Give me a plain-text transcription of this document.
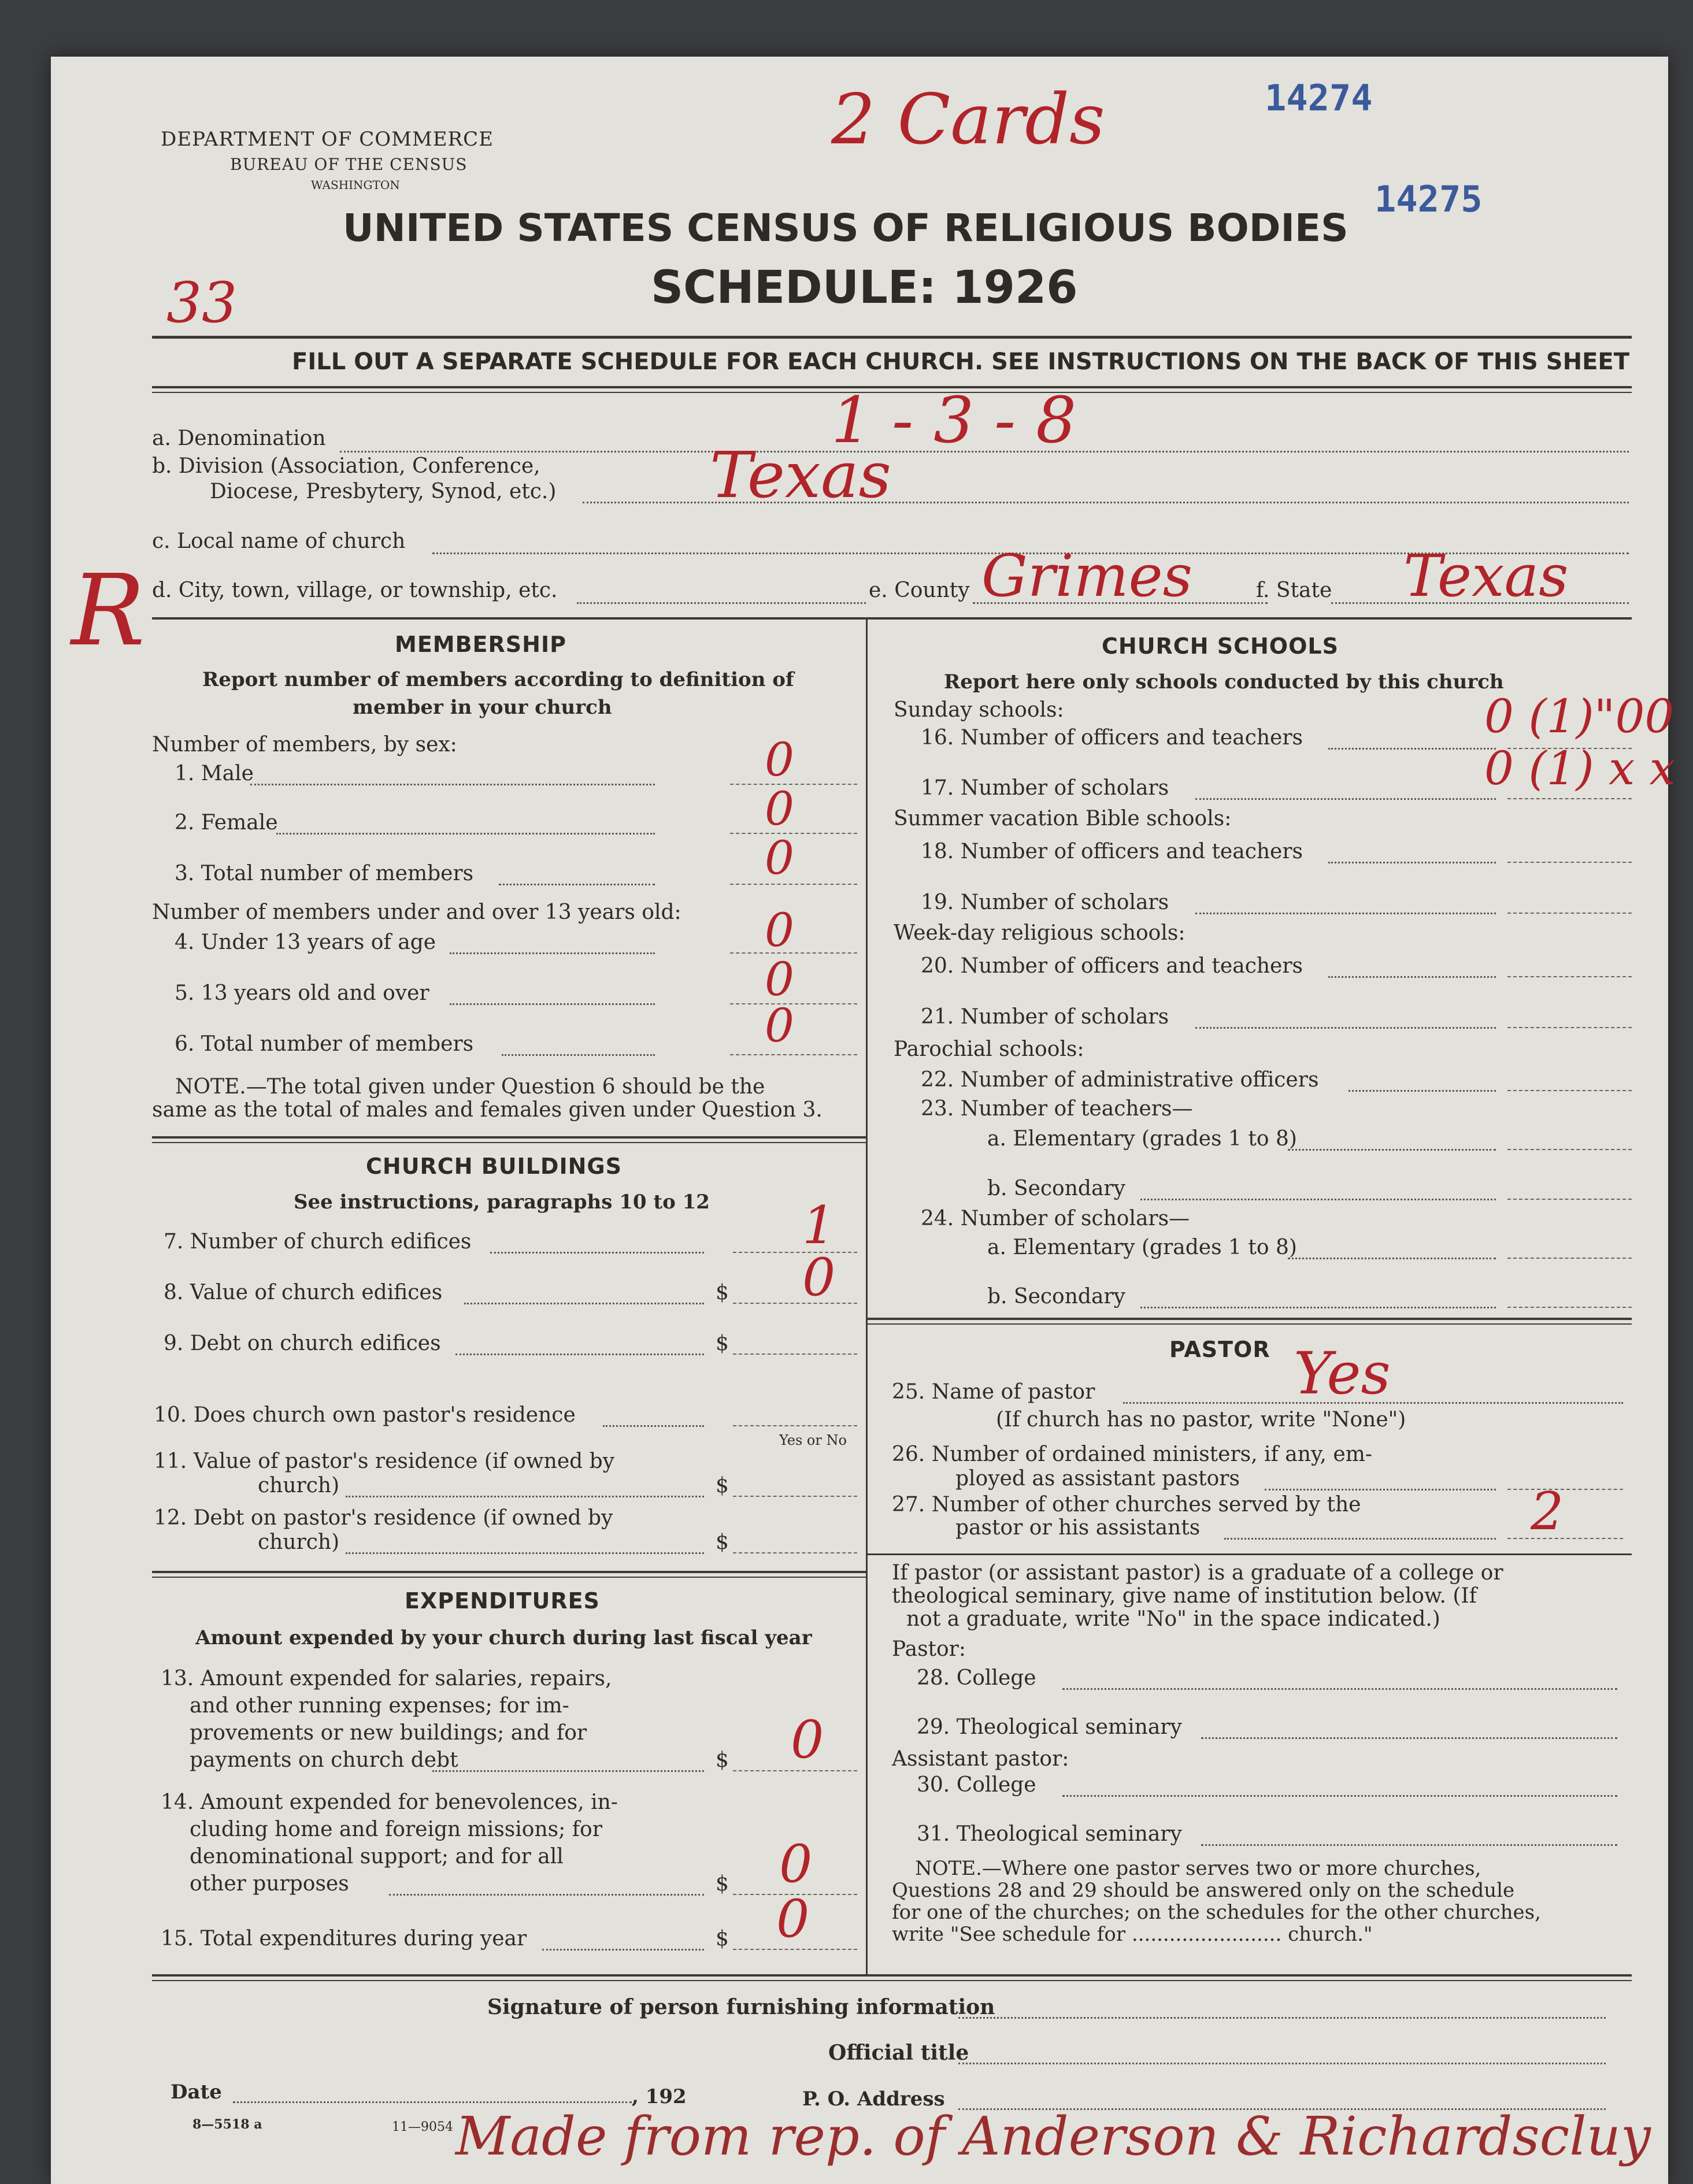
DEPARTMENT OF COMMERCE
BUREAU OF THE CENSUS
WASHINGTON
UNITED STATES CENSUS OF RELIGIOUS BODIES
SCHEDULE: 1926
2 Cards	14274
14275
33
FILL OUT A SEPARATE SCHEDULE FOR EACH CHURCH. SEE INSTRUCTIONS ON THE BACK OF THIS SHEET
a. Denomination	1 - 3 - 8
b. Division (Association, Conference,
Diocese, Presbytery, Synod, etc.) Texas
c. Local name of church
R d. City, town, village, or township, etc.	e. County Grimes	f. State Texas
MEMBERSHIP
Report number of members according to definition of
member in your church
Number of members, by sex:
1. Male	0
2. Female	0
3. Total number of members	0
Number of members under and over 13 years old:
4. Under 13 years of age	0
5. 13 years old and over	0
6. Total number of members	0
NOTE.—The total given under Question 6 should be the
same as the total of males and females given under Question 3.
CHURCH BUILDINGS
See instructions, paragraphs 10 to 12
7. Number of church edifices	1
8. Value of church edifices	$ 0
9. Debt on church edifices	$
10. Does church own pastor's residence
Yes or No
11. Value of pastor's residence (if owned by
church)	$
12. Debt on pastor's residence (if owned by
church)	$
EXPENDITURES
Amount expended by your church during last fiscal year
13. Amount expended for salaries, repairs,
and other running expenses; for im-
provements or new buildings; and for
payments on church debt	$ 0
14. Amount expended for benevolences, in-
cluding home and foreign missions; for
denominational support; and for all
other purposes	$ 0
15. Total expenditures during year	$ 0
CHURCH SCHOOLS
Report here only schools conducted by this church
Sunday schools:
16. Number of officers and teachers	0 (1)"00
17. Number of scholars	0 (1) x x
Summer vacation Bible schools:
18. Number of officers and teachers
19. Number of scholars
Week-day religious schools:
20. Number of officers and teachers
21. Number of scholars
Parochial schools:
22. Number of administrative officers
23. Number of teachers—
a. Elementary (grades 1 to 8)
b. Secondary
24. Number of scholars—
a. Elementary (grades 1 to 8)
b. Secondary
PASTOR
25. Name of pastor	Yes
(If church has no pastor, write "None")
26. Number of ordained ministers, if any, em-
ployed as assistant pastors
27. Number of other churches served by the
pastor or his assistants	2
If pastor (or assistant pastor) is a graduate of a college or
theological seminary, give name of institution below. (If
not a graduate, write "No" in the space indicated.)
Pastor:
28. College
29. Theological seminary
Assistant pastor:
30. College
31. Theological seminary
NOTE.—Where one pastor serves two or more churches,
Questions 28 and 29 should be answered only on the schedule
for one of the churches; on the schedules for the other churches,
write "See schedule for ........................ church."
Signature of person furnishing information
Official title
Date	, 192	P. O. Address
8—5518 a	11—9054 Made from rep. of Anderson & Richardscluy
